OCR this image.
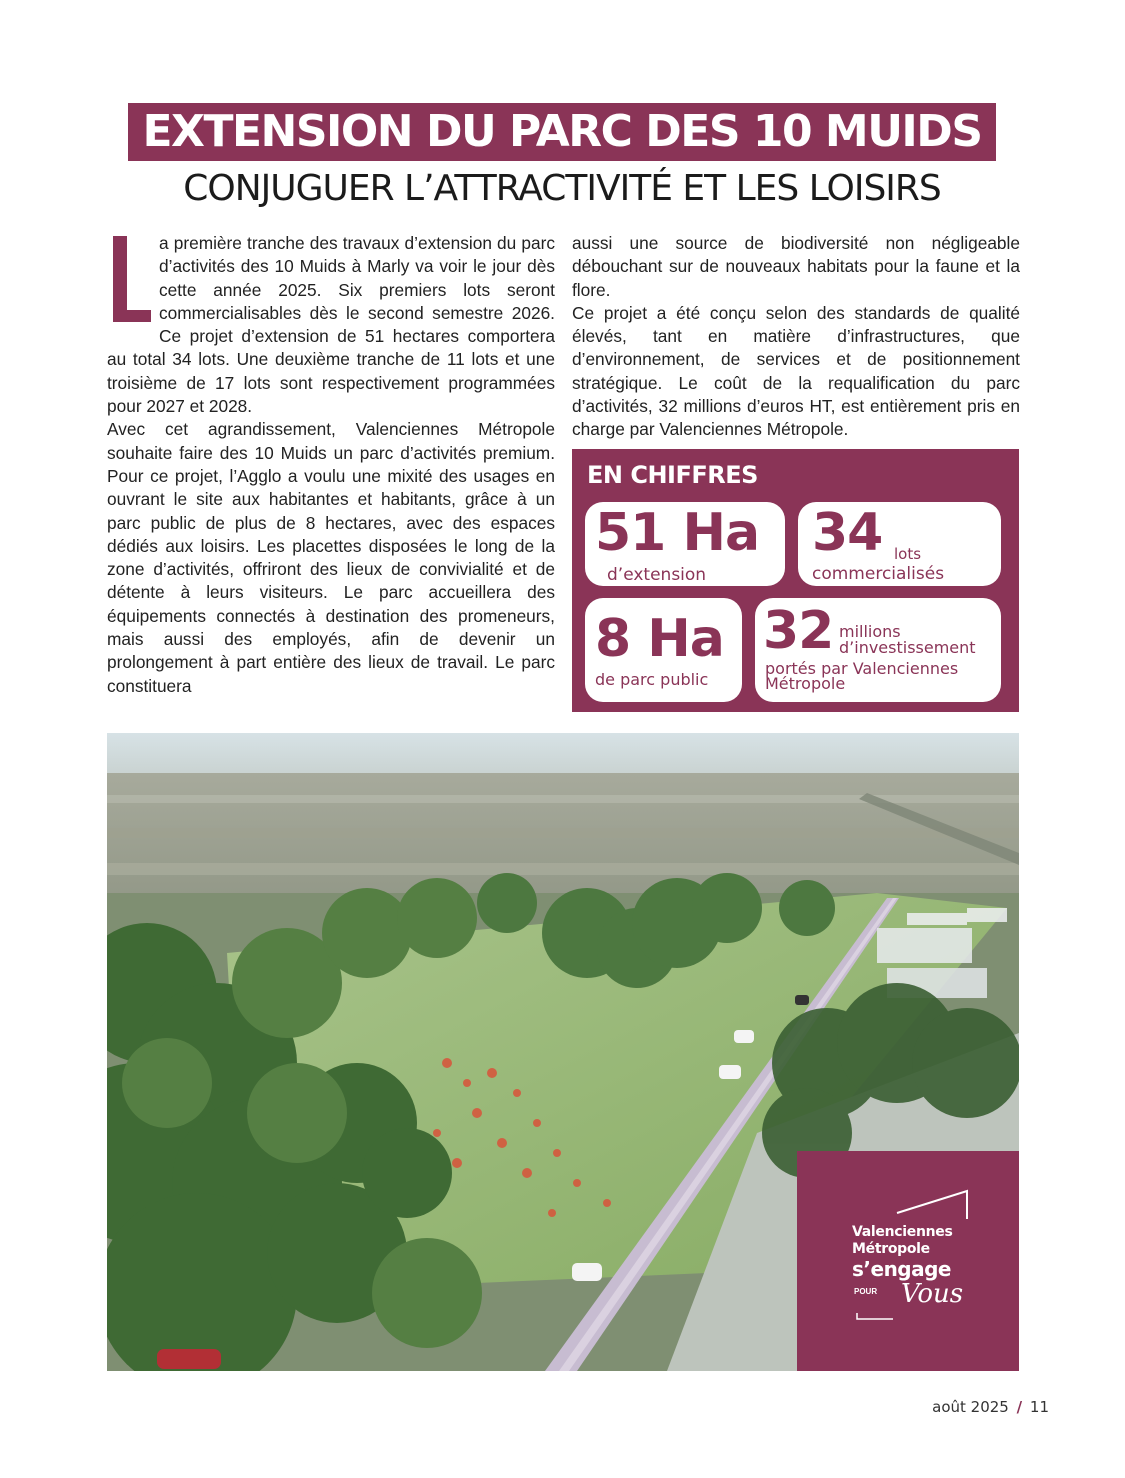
EXTENSION DU PARC DES 10 MUIDS
CONJUGUER L’ATTRACTIVITÉ ET LES LOISIRS

a première tranche des travaux d’extension du parc d’activités des 10 Muids à Marly va voir le jour dès cette année 2025. Six premiers lots seront commercialisables dès le second semestre 2026. Ce projet d’extension de 51 hectares comportera au total 34 lots. Une deuxième tranche de 11 lots et une troisième de 17 lots sont respectivement programmées pour 2027 et 2028.

Avec cet agrandissement, Valenciennes Métropole souhaite faire des 10 Muids un parc d’activités premium. Pour ce projet, l’Agglo a voulu une mixité des usages en ouvrant le site aux habitantes et habitants, grâce à un parc public de plus de 8 hectares, avec des espaces dédiés aux loisirs. Les placettes disposées le long de la zone d’activités, offriront des lieux de convivialité et de détente à leurs visiteurs. Le parc accueillera des équipements connectés à destination des promeneurs, mais aussi des employés, afin de devenir un prolongement à part entière des lieux de travail. Le parc constituera

aussi une source de biodiversité non négligeable débouchant sur de nouveaux habitats pour la faune et la flore.

Ce projet a été conçu selon des standards de qualité élevés, tant en matière d’infrastructures, que d’environnement, de services et de positionnement stratégique. Le coût de la requalification du parc d’activités, 32 millions d’euros HT, est entièrement pris en charge par Valenciennes Métropole.

EN CHIFFRES
51 Ha
d’extension
34 lots
commercialisés
8 Ha
de parc public
32 millions
d’investissement
portés par Valenciennes
Métropole
Valenciennes
Métropole
s’engage
POUR Vous
août 2025 / 11
